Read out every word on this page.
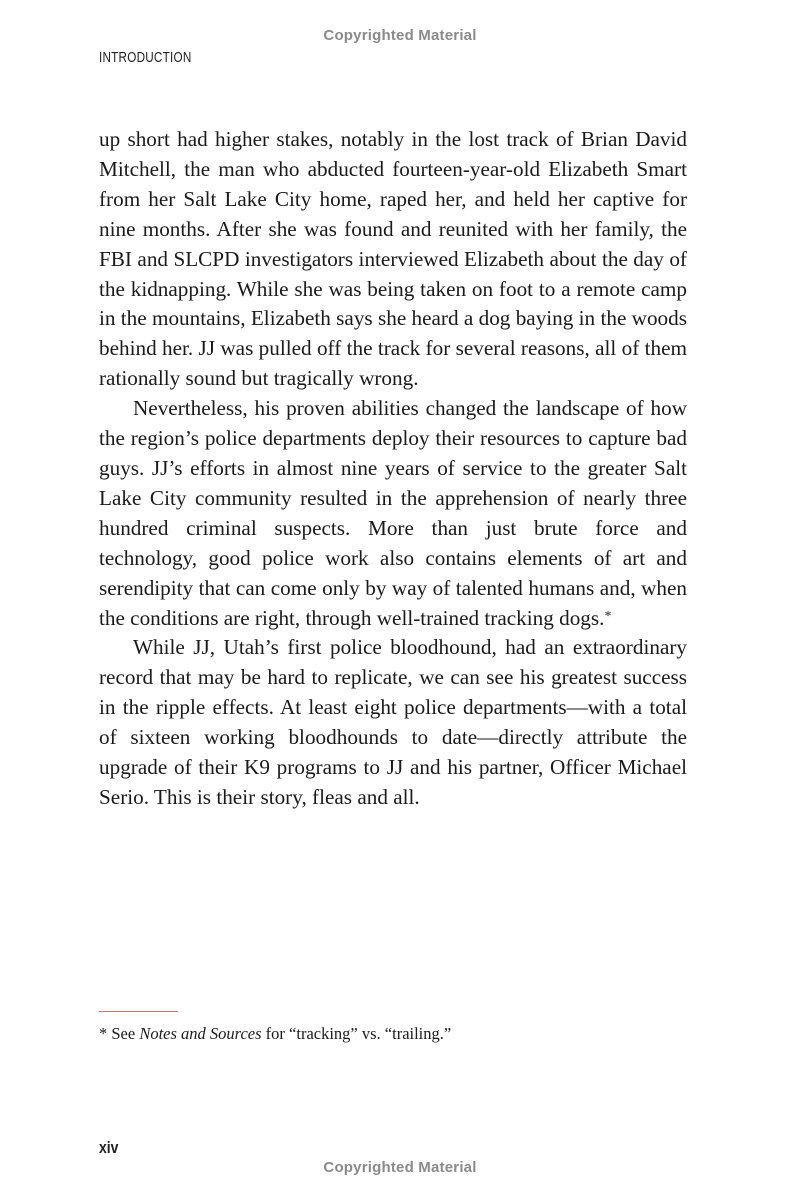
Copyrighted Material
INTRODUCTION

up short had higher stakes, notably in the lost track of Brian David Mitchell, the man who abducted fourteen-year-old Elizabeth Smart from her Salt Lake City home, raped her, and held her captive for nine months. After she was found and reunited with her family, the FBI and SLCPD investigators interviewed Elizabeth about the day of the kidnapping. While she was being taken on foot to a remote camp in the mountains, Elizabeth says she heard a dog baying in the woods behind her. JJ was pulled off the track for several reasons, all of them rationally sound but tragically wrong.

Nevertheless, his proven abilities changed the landscape of how the region’s police departments deploy their resources to capture bad guys. JJ’s efforts in almost nine years of service to the greater Salt Lake City community resulted in the apprehension of nearly three hundred criminal suspects. More than just brute force and technology, good police work also contains elements of art and serendipity that can come only by way of talented humans and, when the conditions are right, through well-trained tracking dogs.*

While JJ, Utah’s first police bloodhound, had an extraordinary record that may be hard to replicate, we can see his greatest success in the ripple effects. At least eight police departments—with a total of sixteen working bloodhounds to date—directly attribute the upgrade of their K9 programs to JJ and his partner, Officer Michael Serio. This is their story, fleas and all.

* See Notes and Sources for “tracking” vs. “trailing.”
xiv
Copyrighted Material
